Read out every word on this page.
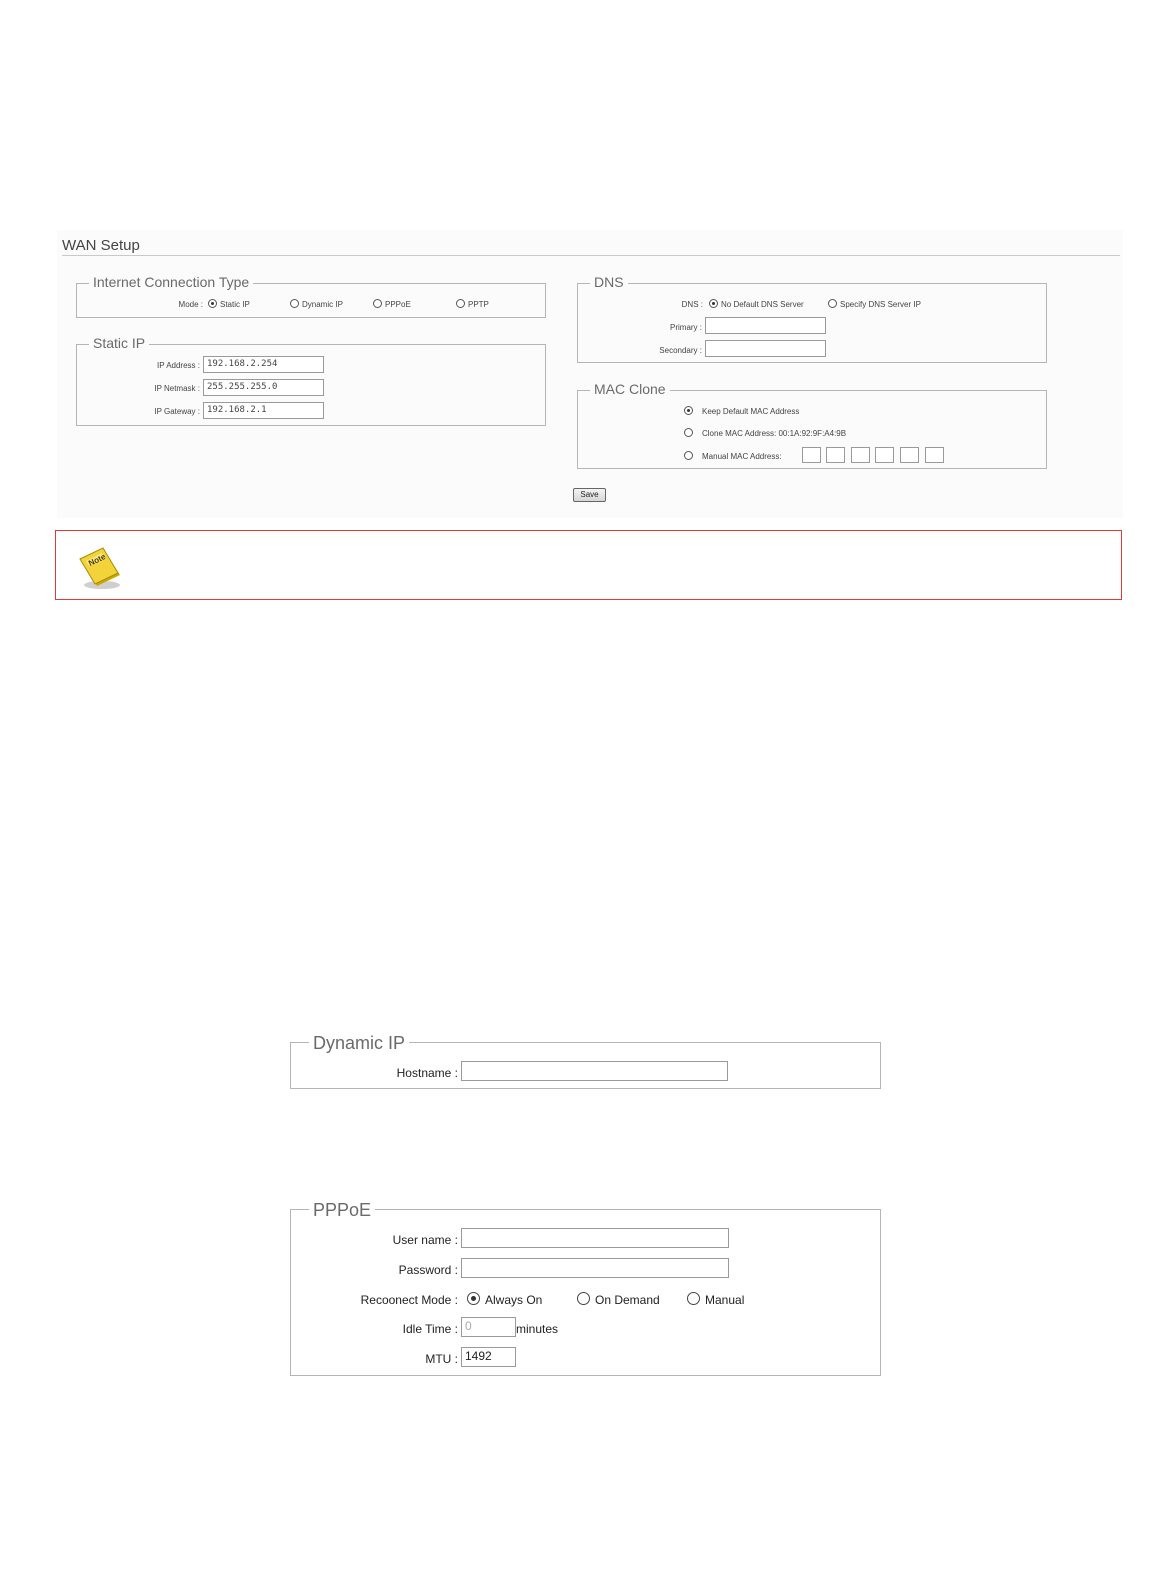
WAN Setup
Internet Connection Type
Mode : Static IP	Dynamic IP	PPPoE	PPTP
Static IP
IP Address : 192.168.2.254
IP Netmask : 255.255.255.0
IP Gateway : 192.168.2.1
DNS
DNS : No Default DNS Server	Specify DNS Server IP
Primary :
Secondary :
MAC Clone
Keep Default MAC Address
Clone MAC Address: 00:1A:92:9F:A4:9B
Manual MAC Address:
Save
Note
Dynamic IP
Hostname :
PPPoE
User name :
Password :
Recoonect Mode : Always On	On Demand	Manual
Idle Time : 0	minutes
MTU : 1492
